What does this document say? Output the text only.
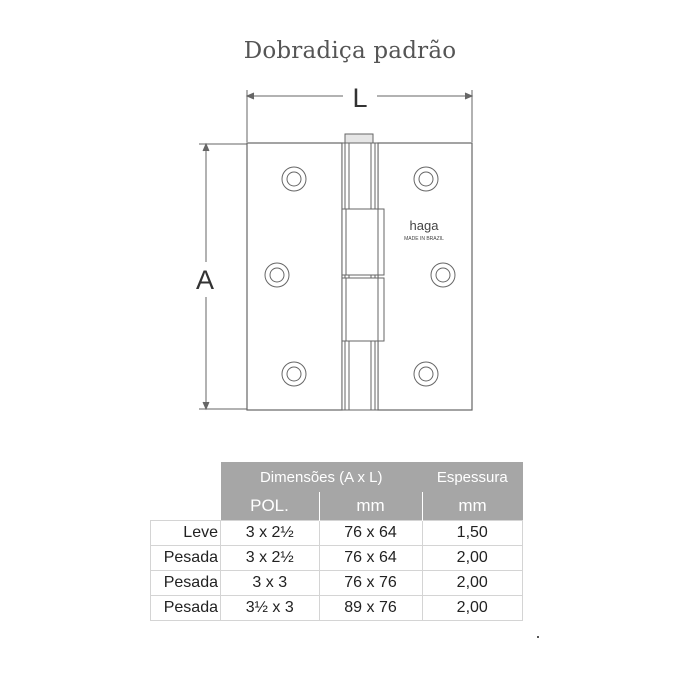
Dobradiça padrão
L
A
haga
MADE IN BRAZIL
	Dimensões (A x L)		Espessura
	POL.	mm	mm
Leve	3 x 2½	76 x 64	1,50
Pesada	3 x 2½	76 x 64	2,00
Pesada	3 x 3	76 x 76	2,00
Pesada	3½ x 3	89 x 76	2,00
